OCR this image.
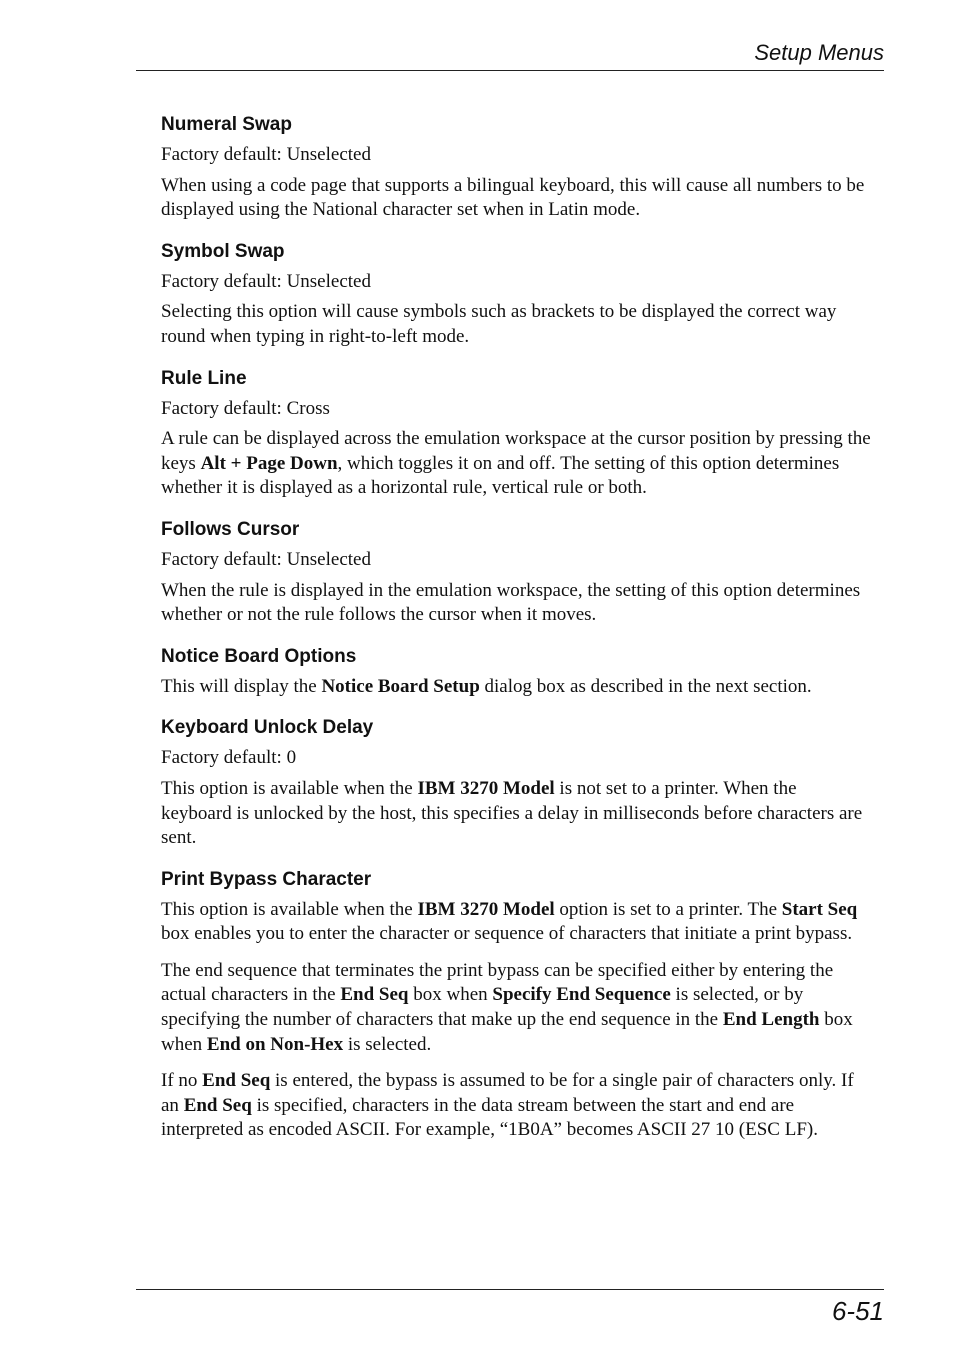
Setup Menus
Numeral Swap

Factory default: Unselected

When using a code page that supports a bilingual keyboard, this will cause all numbers to be displayed using the National character set when in Latin mode.

Symbol Swap

Factory default: Unselected

Selecting this option will cause symbols such as brackets to be displayed the correct way round when typing in right-to-left mode.

Rule Line

Factory default: Cross

A rule can be displayed across the emulation workspace at the cursor position by pressing the keys Alt + Page Down, which toggles it on and off. The setting of this option determines whether it is displayed as a horizontal rule, vertical rule or both.

Follows Cursor

Factory default: Unselected

When the rule is displayed in the emulation workspace, the setting of this option determines whether or not the rule follows the cursor when it moves.

Notice Board Options

This will display the Notice Board Setup dialog box as described in the next section.

Keyboard Unlock Delay

Factory default: 0

This option is available when the IBM 3270 Model is not set to a printer. When the keyboard is unlocked by the host, this specifies a delay in milliseconds before characters are sent.

Print Bypass Character

This option is available when the IBM 3270 Model option is set to a printer. The Start Seq box enables you to enter the character or sequence of characters that initiate a print bypass.

The end sequence that terminates the print bypass can be specified either by entering the actual characters in the End Seq box when Specify End Sequence is selected, or by specifying the number of characters that make up the end sequence in the End Length box when End on Non-Hex is selected.

If no End Seq is entered, the bypass is assumed to be for a single pair of characters only. If an End Seq is specified, characters in the data stream between the start and end are interpreted as encoded ASCII. For example, “1B0A” becomes ASCII 27 10 (ESC LF).

6-51
